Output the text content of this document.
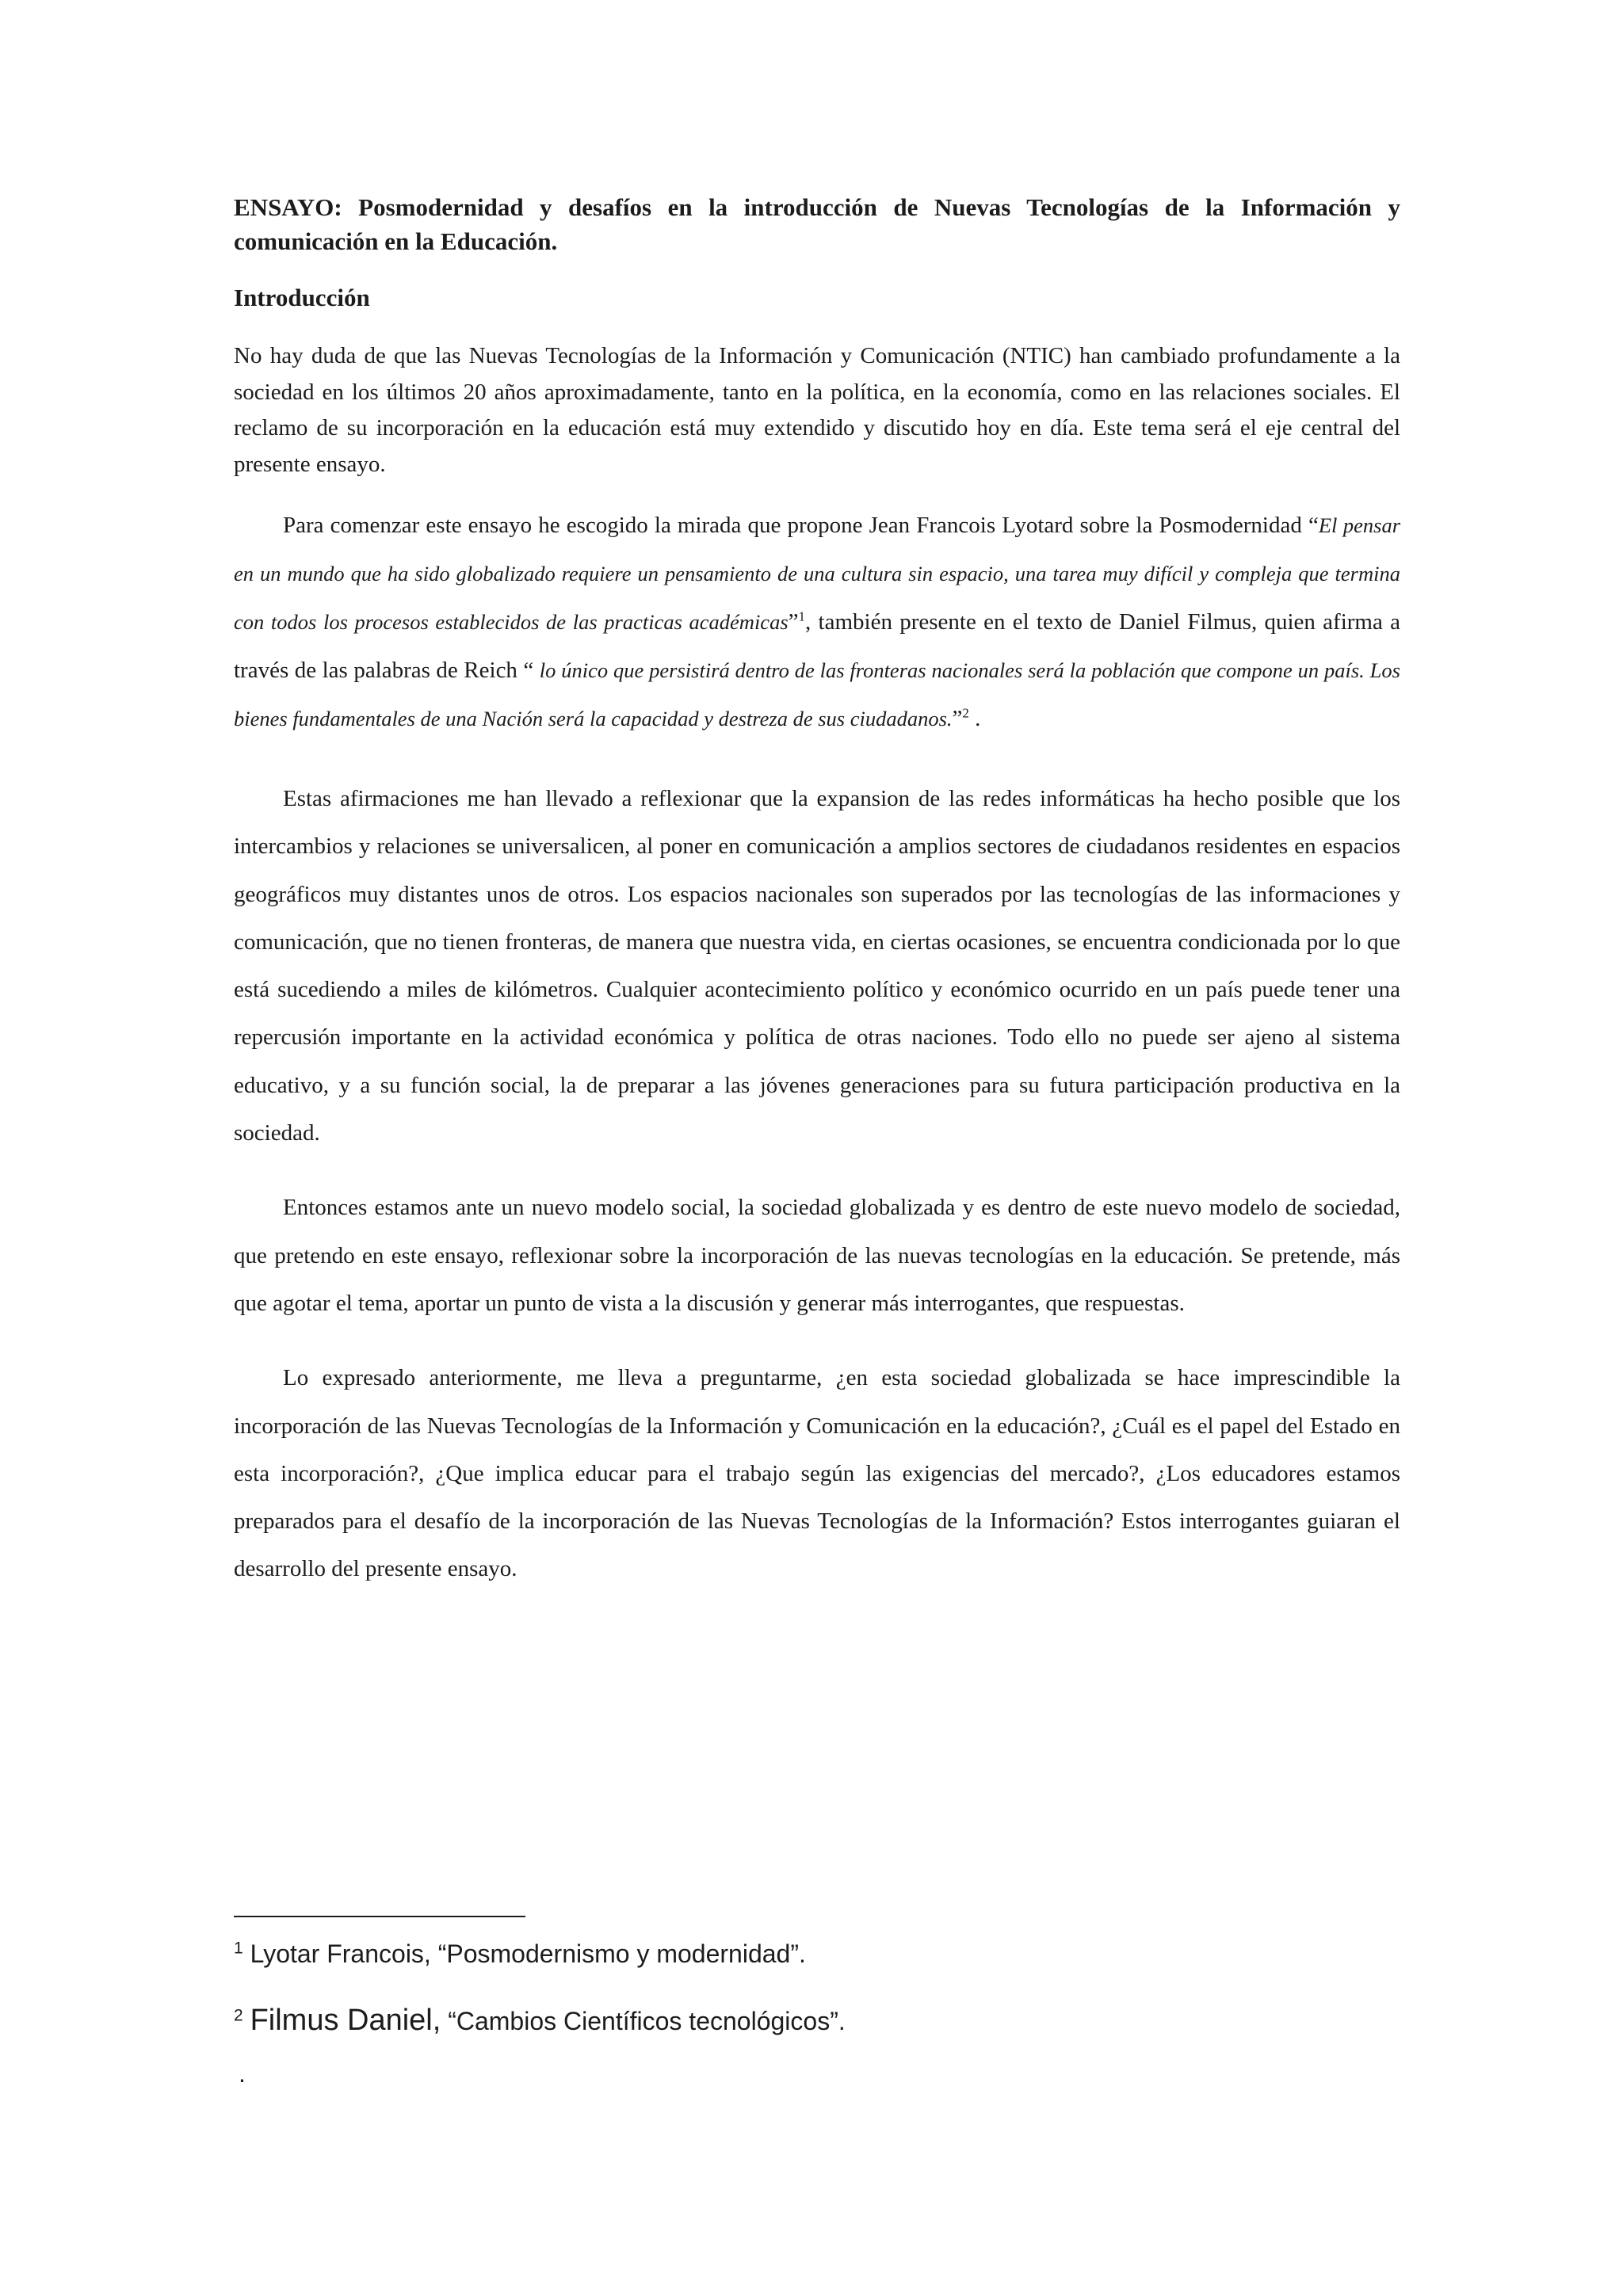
ENSAYO: Posmodernidad y desafíos en la introducción de Nuevas Tecnologías de la Información y comunicación en la Educación.

Introducción

No hay duda de que las Nuevas Tecnologías de la Información y Comunicación (NTIC) han cambiado profundamente a la sociedad en los últimos 20 años aproximadamente, tanto en la política, en la economía, como en las relaciones sociales. El reclamo de su incorporación en la educación está muy extendido y discutido hoy en día. Este tema será el eje central del presente ensayo.

Para comenzar este ensayo he escogido la mirada que propone Jean Francois Lyotard sobre la Posmodernidad “El pensar en un mundo que ha sido globalizado requiere un pensamiento de una cultura sin espacio, una tarea muy difícil y compleja que termina con todos los procesos establecidos de las practicas académicas”$^1$, también presente en el texto de Daniel Filmus, quien afirma a través de las palabras de Reich “ lo único que persistirá dentro de las fronteras nacionales será la población que compone un país. Los bienes fundamentales de una Nación será la capacidad y destreza de sus ciudadanos.”$^2$ .

Estas afirmaciones me han llevado a reflexionar que la expansion de las redes informáticas ha hecho posible que los intercambios y relaciones se universalicen, al poner en comunicación a amplios sectores de ciudadanos residentes en espacios geográficos muy distantes unos de otros. Los espacios nacionales son superados por las tecnologías de las informaciones y comunicación, que no tienen fronteras, de manera que nuestra vida, en ciertas ocasiones, se encuentra condicionada por lo que está sucediendo a miles de kilómetros. Cualquier acontecimiento político y económico ocurrido en un país puede tener una repercusión importante en la actividad económica y política de otras naciones. Todo ello no puede ser ajeno al sistema educativo, y a su función social, la de preparar a las jóvenes generaciones para su futura participación productiva en la sociedad.

Entonces estamos ante un nuevo modelo social, la sociedad globalizada y es dentro de este nuevo modelo de sociedad, que pretendo en este ensayo, reflexionar sobre la incorporación de las nuevas tecnologías en la educación. Se pretende, más que agotar el tema, aportar un punto de vista a la discusión y generar más interrogantes, que respuestas.

Lo expresado anteriormente, me lleva a preguntarme, ¿en esta sociedad globalizada se hace imprescindible la incorporación de las Nuevas Tecnologías de la Información y Comunicación en la educación?, ¿Cuál es el papel del Estado en esta incorporación?, ¿Que implica educar para el trabajo según las exigencias del mercado?, ¿Los educadores estamos preparados para el desafío de la incorporación de las Nuevas Tecnologías de la Información? Estos interrogantes guiaran el desarrollo del presente ensayo.

$^1$ Lyotar Francois, “Posmodernismo y modernidad”.

$^2$ Filmus Daniel, “Cambios Científicos tecnológicos”.

.
